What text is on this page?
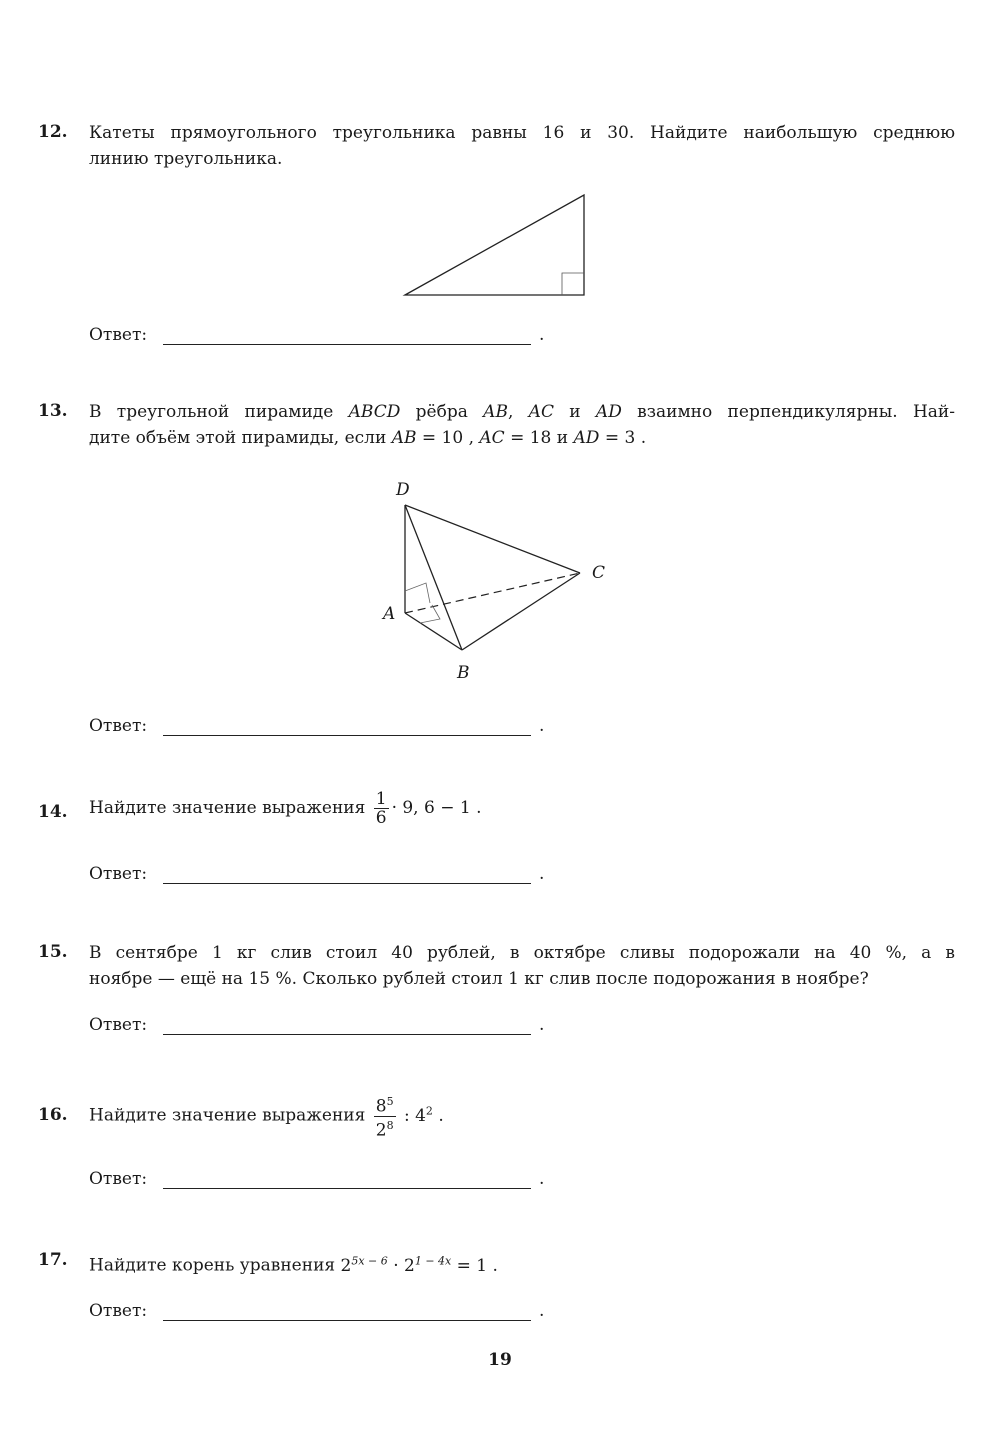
12. Катеты прямоугольного треугольника равны 16 и 30. Найдите наибольшую среднюю
линию треугольника.
Ответ:	.
13. В треугольной пирамиде ABCD рёбра AB, AC и AD взаимно перпендикулярны. Най-
дите объём этой пирамиды, если AB = 10 , AC = 18 и AD = 3 .
D
C
A
B
Ответ:	.
14. Найдите значение выражения $\frac{1}{6} \cdot 9$, 6 − 1 .
Ответ:	.
15. В сентябре 1 кг слив стоил 40 рублей, в октябре сливы подорожали на 40 %, а в
ноябре — ещё на 15 %. Сколько рублей стоил 1 кг слив после подорожания в ноябре?
Ответ:	.
16. Найдите значение выражения $\frac{8^5}{2^8}$ : $4^2$ .
Ответ:	.
17. Найдите корень уравнения $2^{5x - 6} \cdot 2^{1 - 4x} = 1$ .
Ответ:	.
19
